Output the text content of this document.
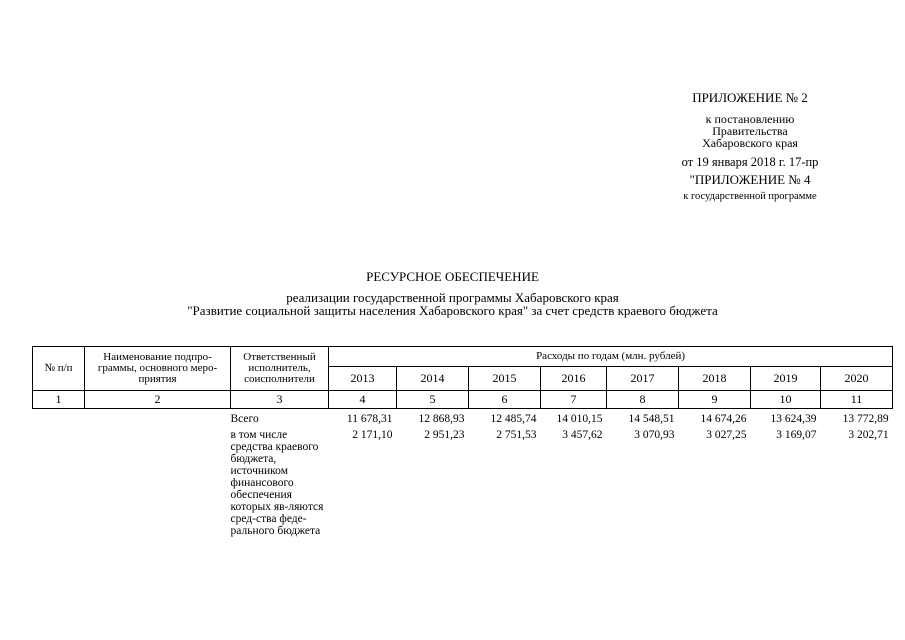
ПРИЛОЖЕНИЕ № 2
к постановлению
Правительства
Хабаровского края
от 19 января 2018 г. 17-пр
"ПРИЛОЖЕНИЕ № 4
к государственной программе
РЕСУРСНОЕ ОБЕСПЕЧЕНИЕ
реализации государственной программы Хабаровского края
"Развитие социальной защиты населения Хабаровского края" за счет средств краевого бюджета
№ п/п	Наименование подпро-граммы, основного меро-приятия	Ответственный исполнитель, соисполнители	Расходы по годам (млн. рублей)							
			2013	2014	2015	2016	2017	2018	2019	2020
1	2	3	4	5	6	7	8	9	10	11
		Всего	11 678,31	12 868,93	12 485,74	14 010,15	14 548,51	14 674,26	13 624,39	13 772,89
		в том числе средства краевого бюджета, источником финансового обеспечения которых яв-ляются сред-ства феде-рального бюджета	2 171,10	2 951,23	2 751,53	3 457,62	3 070,93	3 027,25	3 169,07	3 202,71
